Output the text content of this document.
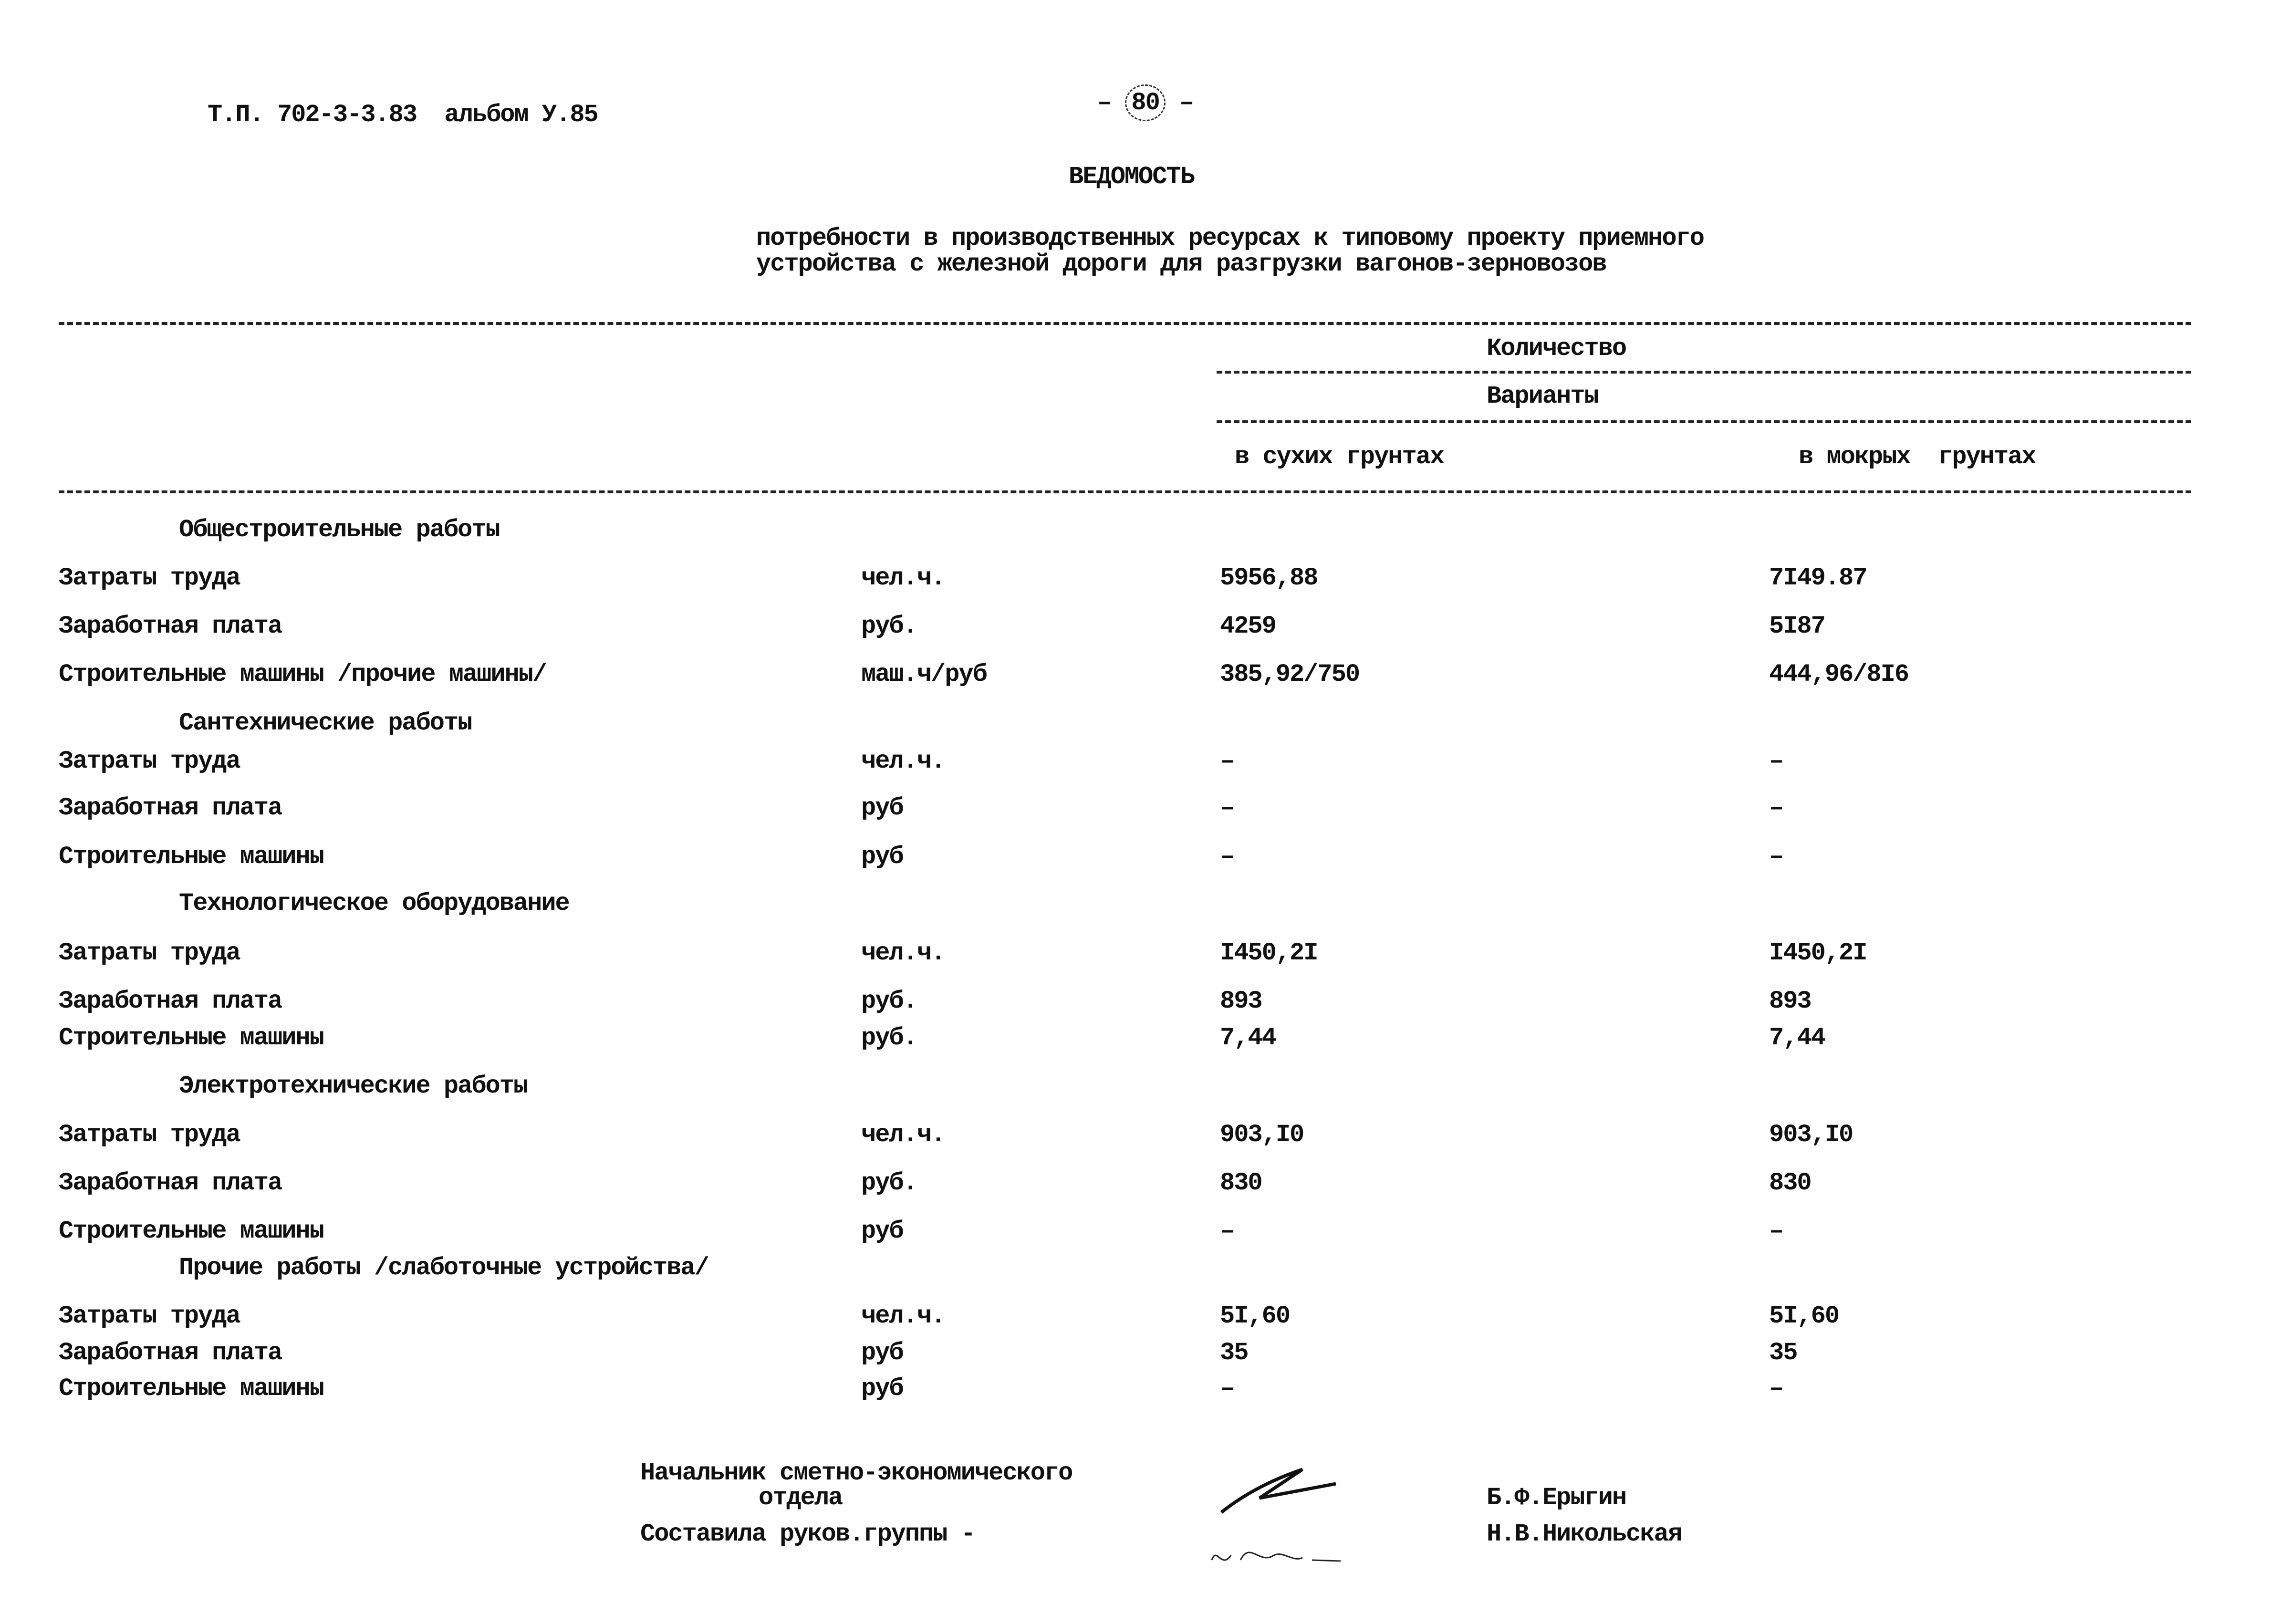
Т.П. 702-3-3.83  альбом У.85	– 80 –
ВЕДОМОСТЬ
потребности в производственных ресурсах к типовому проекту приемного
устройства с железной дороги для разгрузки вагонов-зерновозов
Количество
Варианты
в сухих грунтах	в мокрых  грунтах
Общестроительные работы
Затраты труда	чел.ч.	5956,88	7I49.87
Заработная плата	руб.	4259	5I87
Строительные машины /прочие машины/	маш.ч/руб	385,92/750	444,96/8I6
Сантехнические работы
Затраты труда	чел.ч.	–	–
Заработная плата	руб	–	–
Строительные машины	руб	–	–
Технологическое оборудование
Затраты труда	чел.ч.	I450,2I	I450,2I
Заработная плата	руб.	893	893
Строительные машины	руб.	7,44	7,44
Электротехнические работы
Затраты труда	чел.ч.	903,I0	903,I0
Заработная плата	руб.	830	830
Строительные машины	руб	–	–
Прочие работы /слаботочные устройства/
Затраты труда	чел.ч.	5I,60	5I,60
Заработная плата	руб	35	35
Строительные машины	руб	–	–
Начальник сметно-экономического
отдела
Составила руков.группы -
Б.Ф.Ерыгин
Н.В.Никольская
